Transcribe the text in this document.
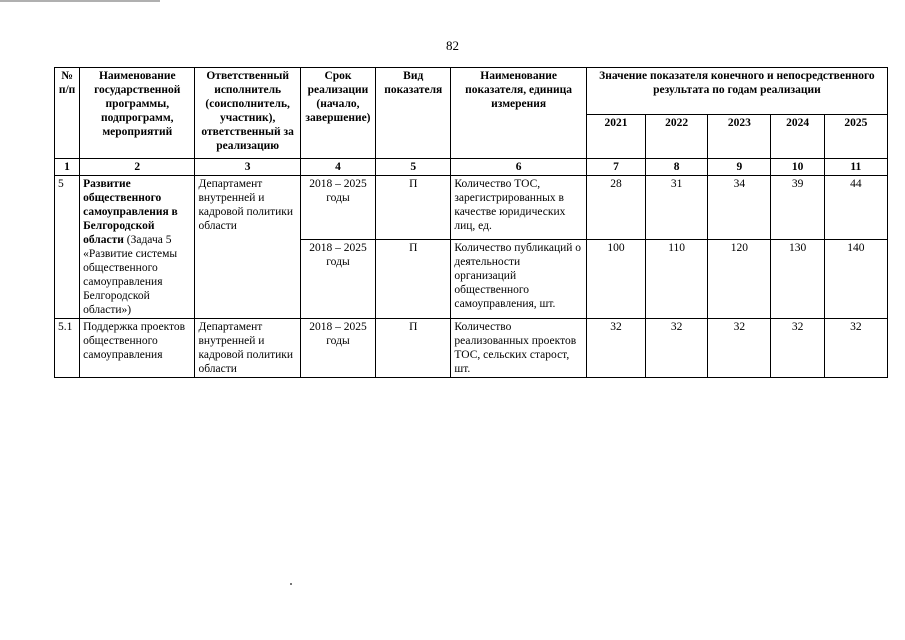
82
№ п/п	Наименование государственной программы, подпрограмм, мероприятий	Ответственный исполнитель (соисполнитель, участник), ответственный за реализацию	Срок реализации (начало, завершение)	Вид показателя	Наименование показателя, единица измерения	Значение показателя конечного и непосредственного результата по годам реализации				
						2021	2022	2023	2024	2025
1	2	3	4	5	6	7	8	9	10	11
5	Развитие общественного самоуправления в Белгородской области (Задача 5 «Развитие системы общественного самоуправления Белгородской области»)	Департамент внутренней и кадровой политики области	2018 – 2025 годы	П	Количество ТОС, зарегистрированных в качестве юридических лиц, ед.	28	31	34	39	44
			2018 – 2025 годы	П	Количество публикаций о деятельности организаций общественного самоуправления, шт.	100	110	120	130	140
5.1	Поддержка проектов общественного самоуправления	Департамент внутренней и кадровой политики области	2018 – 2025 годы	П	Количество реализованных проектов ТОС, сельских старост, шт.	32	32	32	32	32
